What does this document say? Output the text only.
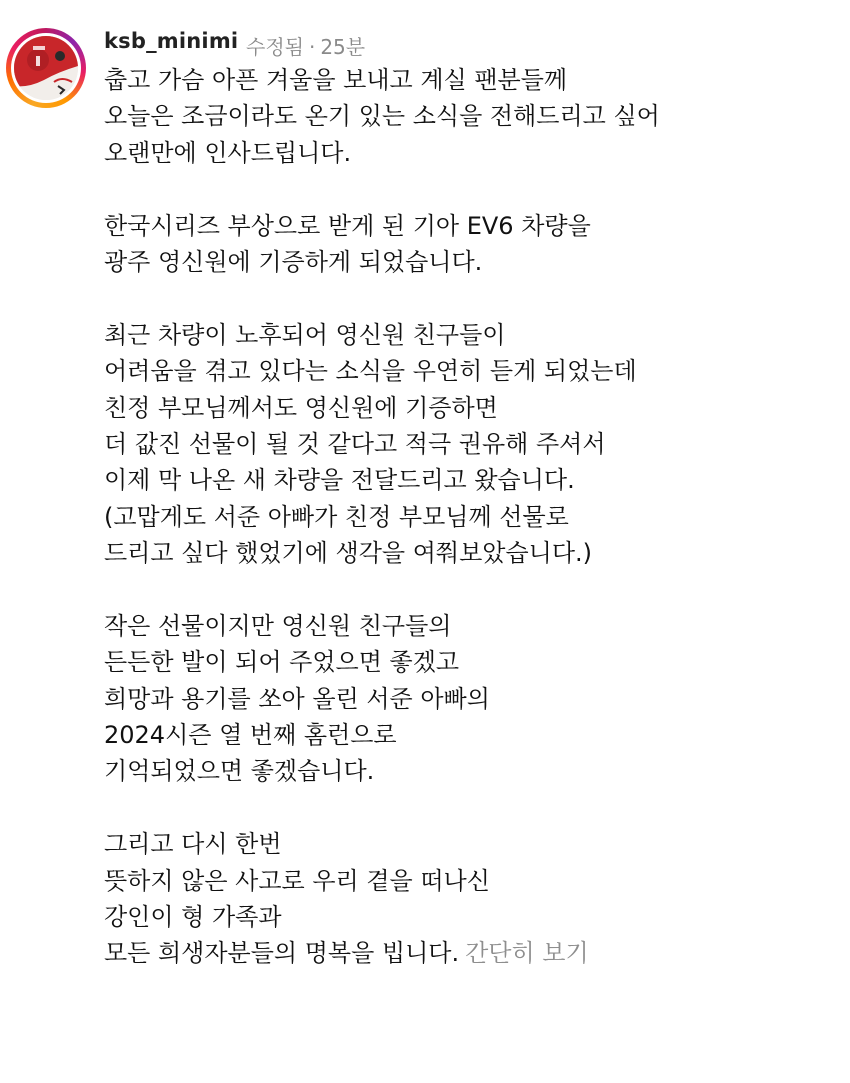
ksb_minimi 수정됨 · 25분
춥고 가슴 아픈 겨울을 보내고 계실 팬분들께
오늘은 조금이라도 온기 있는 소식을 전해드리고 싶어
오랜만에 인사드립니다.
한국시리즈 부상으로 받게 된 기아 EV6 차량을
광주 영신원에 기증하게 되었습니다.
최근 차량이 노후되어 영신원 친구들이
어려움을 겪고 있다는 소식을 우연히 듣게 되었는데
친정 부모님께서도 영신원에 기증하면
더 값진 선물이 될 것 같다고 적극 권유해 주셔서
이제 막 나온 새 차량을 전달드리고 왔습니다.
(고맙게도 서준 아빠가 친정 부모님께 선물로
드리고 싶다 했었기에 생각을 여쭤보았습니다.)
작은 선물이지만 영신원 친구들의
든든한 발이 되어 주었으면 좋겠고
희망과 용기를 쏘아 올린 서준 아빠의
2024시즌 열 번째 홈런으로
기억되었으면 좋겠습니다.
그리고 다시 한번
뜻하지 않은 사고로 우리 곁을 떠나신
강인이 형 가족과
모든 희생자분들의 명복을 빕니다. 간단히 보기
